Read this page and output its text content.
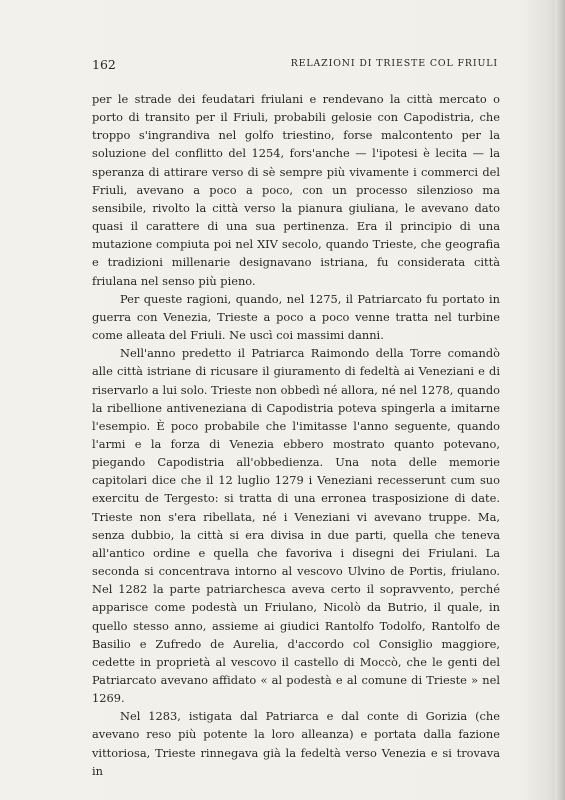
162	RELAZIONI DI TRIESTE COL FRIULI

per le strade dei feudatari friulani e rendevano la città mercato o porto di transito per il Friuli, probabili gelosie con Capodistria, che troppo s'ingrandiva nel golfo triestino, forse malcontento per la soluzione del conflitto del 1254, fors'anche — l'ipotesi è lecita — la speranza di attirare verso di sè sempre più vivamente i commerci del Friuli, avevano a poco a poco, con un processo silenzioso ma sensibile, rivolto la città verso la pianura giuliana, le avevano dato quasi il carattere di una sua pertinenza. Era il principio di una mutazione compiuta poi nel XIV secolo, quando Trieste, che geografia e tradizioni millenarie designavano istriana, fu considerata città friulana nel senso più pieno.

Per queste ragioni, quando, nel 1275, il Patriarcato fu portato in guerra con Venezia, Trieste a poco a poco venne tratta nel turbine come alleata del Friuli. Ne uscì coi massimi danni.

Nell'anno predetto il Patriarca Raimondo della Torre comandò alle città istriane di ricusare il giuramento di fedeltà ai Veneziani e di riservarlo a lui solo. Trieste non obbedì né allora, né nel 1278, quando la ribellione antiveneziana di Capodistria poteva spingerla a imitarne l'esempio. È poco probabile che l'imitasse l'anno seguente, quando l'armi e la forza di Venezia ebbero mostrato quanto potevano, piegando Capodistria all'obbedienza. Una nota delle memorie capitolari dice che il 12 luglio 1279 i Veneziani recesserunt cum suo exercitu de Tergesto: si tratta di una erronea trasposizione di date. Trieste non s'era ribellata, né i Veneziani vi avevano truppe. Ma, senza dubbio, la città si era divisa in due parti, quella che teneva all'antico ordine e quella che favoriva i disegni dei Friulani. La seconda si concentrava intorno al vescovo Ulvino de Portis, friulano. Nel 1282 la parte patriarchesca aveva certo il sopravvento, perché apparisce come podestà un Friulano, Nicolò da Butrio, il quale, in quello stesso anno, assieme ai giudici Rantolfo Todolfo, Rantolfo de Basilio e Zufredo de Aurelia, d'accordo col Consiglio maggiore, cedette in proprietà al vescovo il castello di Moccò, che le genti del Patriarcato avevano affidato « al podestà e al comune di Trieste » nel 1269.

Nel 1283, istigata dal Patriarca e dal conte di Gorizia (che avevano reso più potente la loro alleanza) e portata dalla fazione vittoriosa, Trieste rinnegava già la fedeltà verso Venezia e si trovava in
